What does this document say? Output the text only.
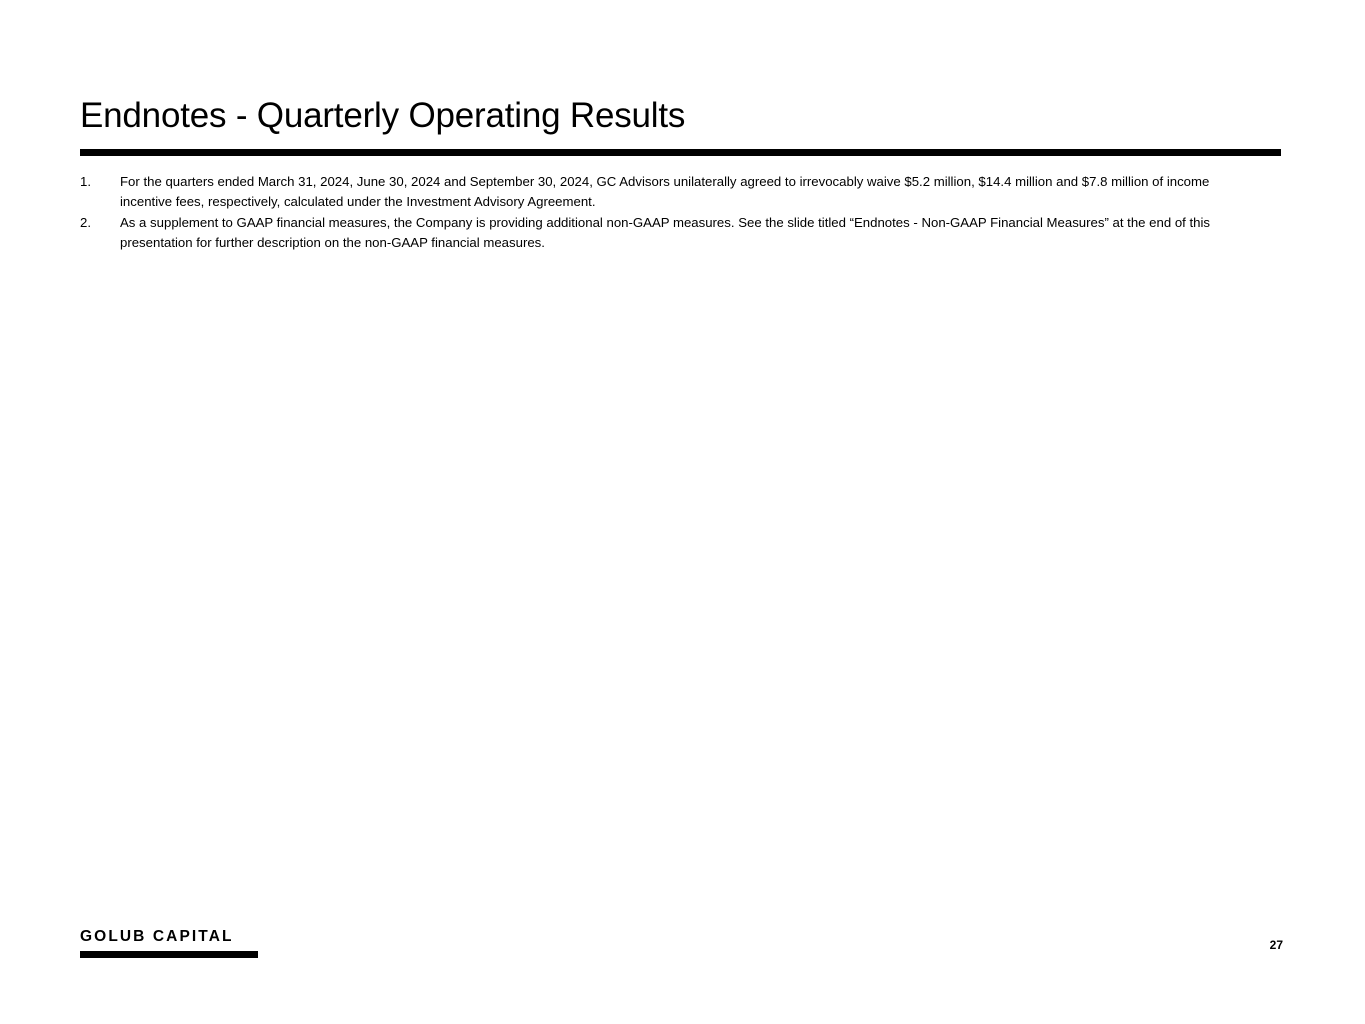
Endnotes - Quarterly Operating Results
1.	For the quarters ended March 31, 2024, June 30, 2024 and September 30, 2024, GC Advisors unilaterally agreed to irrevocably waive $5.2 million, $14.4 million and $7.8 million of income incentive fees, respectively, calculated under the Investment Advisory Agreement.
2.	As a supplement to GAAP financial measures, the Company is providing additional non-GAAP measures. See the slide titled “Endnotes - Non-GAAP Financial Measures” at the end of this presentation for further description on the non-GAAP financial measures.
GOLUB CAPITAL
27
